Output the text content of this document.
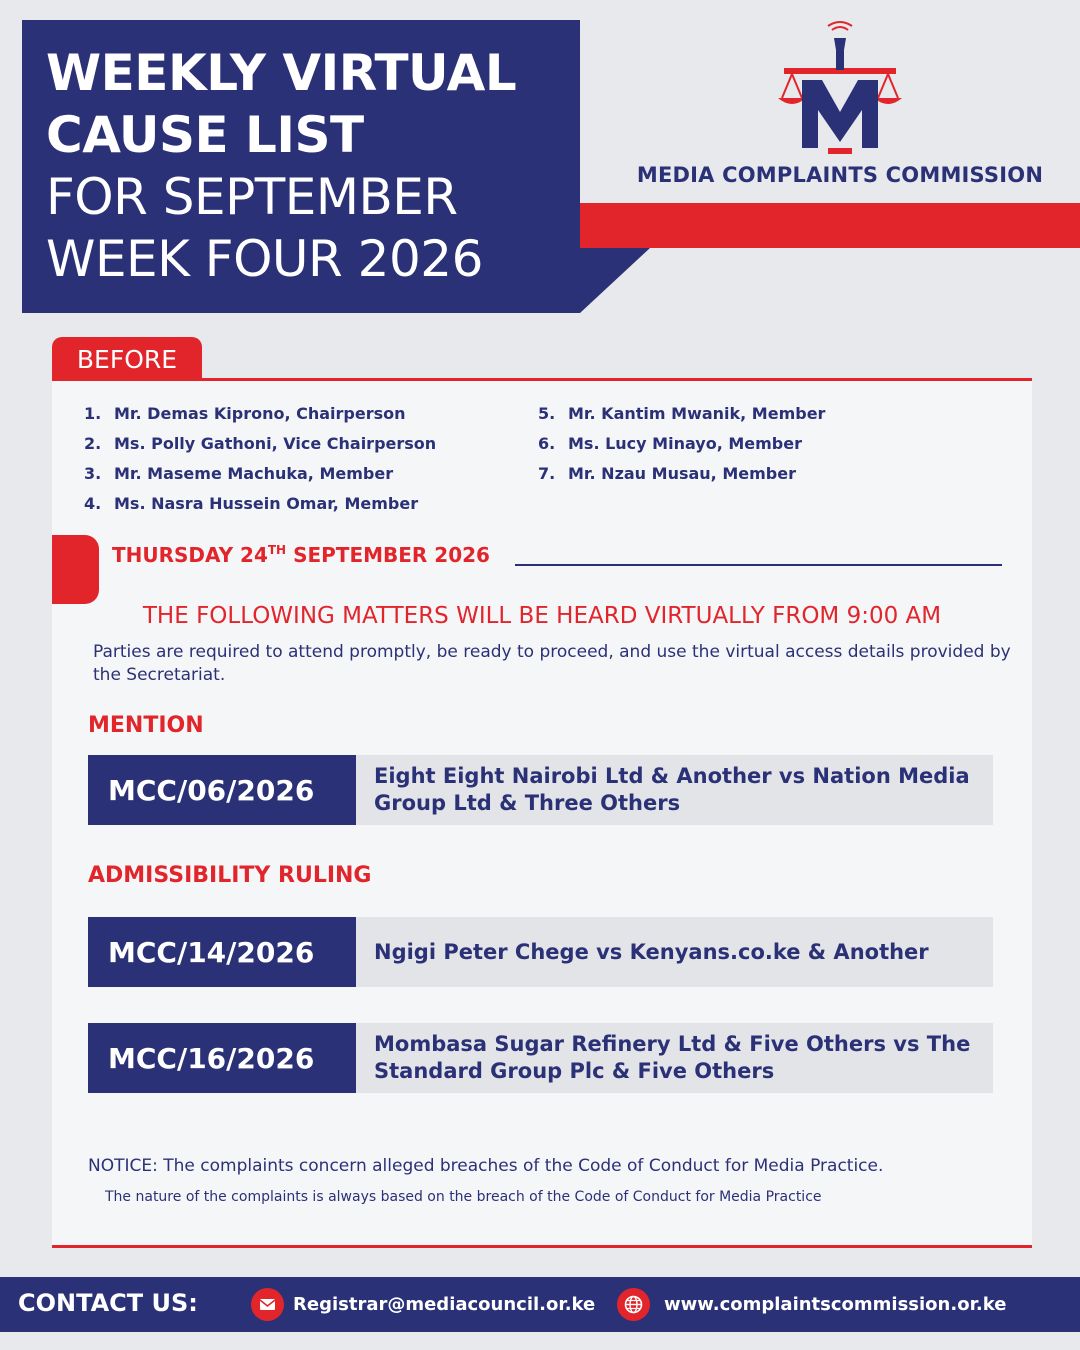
WEEKLY VIRTUAL
CAUSE LIST
FOR SEPTEMBER
WEEK FOUR 2026
MEDIA COMPLAINTS COMMISSION
BEFORE
1. Mr. Demas Kiprono, Chairperson
2. Ms. Polly Gathoni, Vice Chairperson
3. Mr. Maseme Machuka, Member
4. Ms. Nasra Hussein Omar, Member
5. Mr. Kantim Mwanik, Member
6. Ms. Lucy Minayo, Member
7. Mr. Nzau Musau, Member
THURSDAY 24TH SEPTEMBER 2026
THE FOLLOWING MATTERS WILL BE HEARD VIRTUALLY FROM 9:00 AM
Parties are required to attend promptly, be ready to proceed, and use the virtual access details provided by the Secretariat.
MENTION
MCC/06/2026	Eight Eight Nairobi Ltd & Another vs Nation Media Group Ltd & Three Others
ADMISSIBILITY RULING
MCC/14/2026	Ngigi Peter Chege vs Kenyans.co.ke & Another
MCC/16/2026	Mombasa Sugar Refinery Ltd & Five Others vs The Standard Group Plc & Five Others
NOTICE: The complaints concern alleged breaches of the Code of Conduct for Media Practice.
The nature of the complaints is always based on the breach of the Code of Conduct for Media Practice
CONTACT US:	Registrar@mediacouncil.or.ke	www.complaintscommission.or.ke
